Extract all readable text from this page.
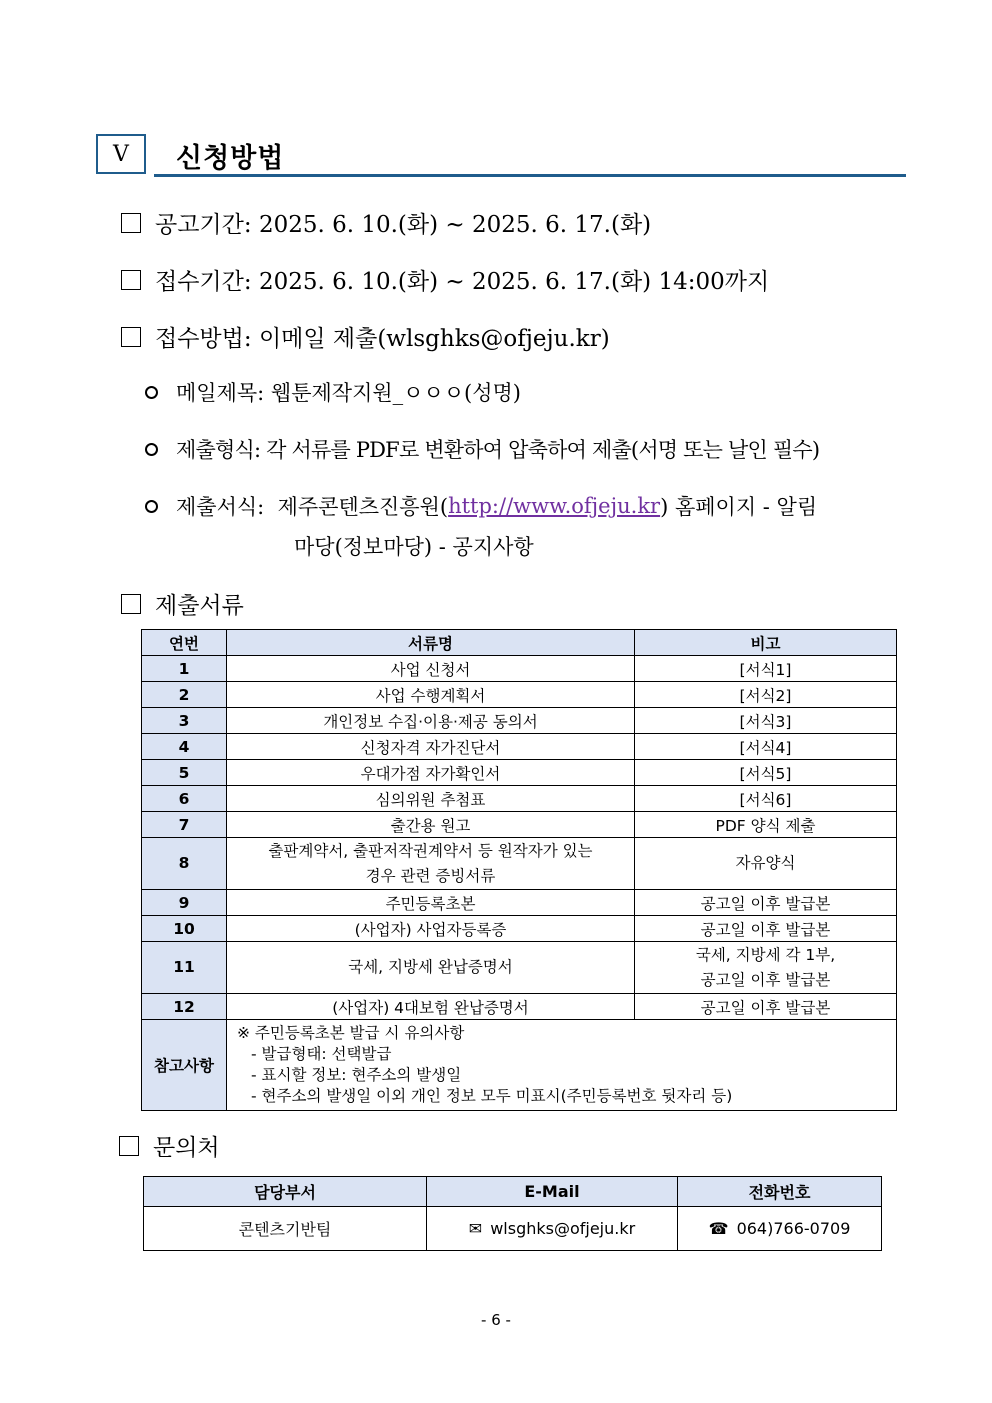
V 신청방법
공고기간:
2025. 6. 10.(화) ~ 2025. 6. 17.(화)
접수기간:
2025. 6. 10.(화) ~ 2025. 6. 17.(화) 14:00까지
접수방법:
이메일 제출(wlsghks@ofjeju.kr)
메일제목:
웹툰제작지원_ㅇㅇㅇ(성명)
제출형식:
각 서류를 PDF로 변환하여 압축하여 제출(서명 또는 날인 필수)
제출서식:
제주콘텐츠진흥원( http://www.ofjeju.kr ) 홈페이지 - 알림
마당(정보마당) - 공지사항
제출서류
연번	서류명	비고
1	사업 신청서	[서식1]
2	사업 수행계획서	[서식2]
3	개인정보 수집·이용·제공 동의서	[서식3]
4	신청자격 자가진단서	[서식4]
5	우대가점 자가확인서	[서식5]
6	심의위원 추첨표	[서식6]
7	출간용 원고	PDF 양식 제출
8	출판계약서, 출판저작권계약서 등 원작자가 있는
경우 관련 증빙서류	자유양식
9	주민등록초본	공고일 이후 발급본
10	(사업자) 사업자등록증	공고일 이후 발급본
11	국세, 지방세 완납증명서	국세, 지방세 각 1부,
공고일 이후 발급본

12	(사업자) 4대보험 완납증명서	공고일 이후 발급본
참고사항	※ 주민등록초본 발급 시 유의사항
- 발급형태: 선택발급
- 표시할 정보: 현주소의 발생일
- 현주소의 발생일 이외 개인 정보 모두 미표시(주민등록번호 뒷자리 등)	
문의처
담당부서	E-Mail	전화번호
콘텐츠기반팀	✉ wlsghks@ofjeju.kr	☎ 064)766-0709
- 6 -
